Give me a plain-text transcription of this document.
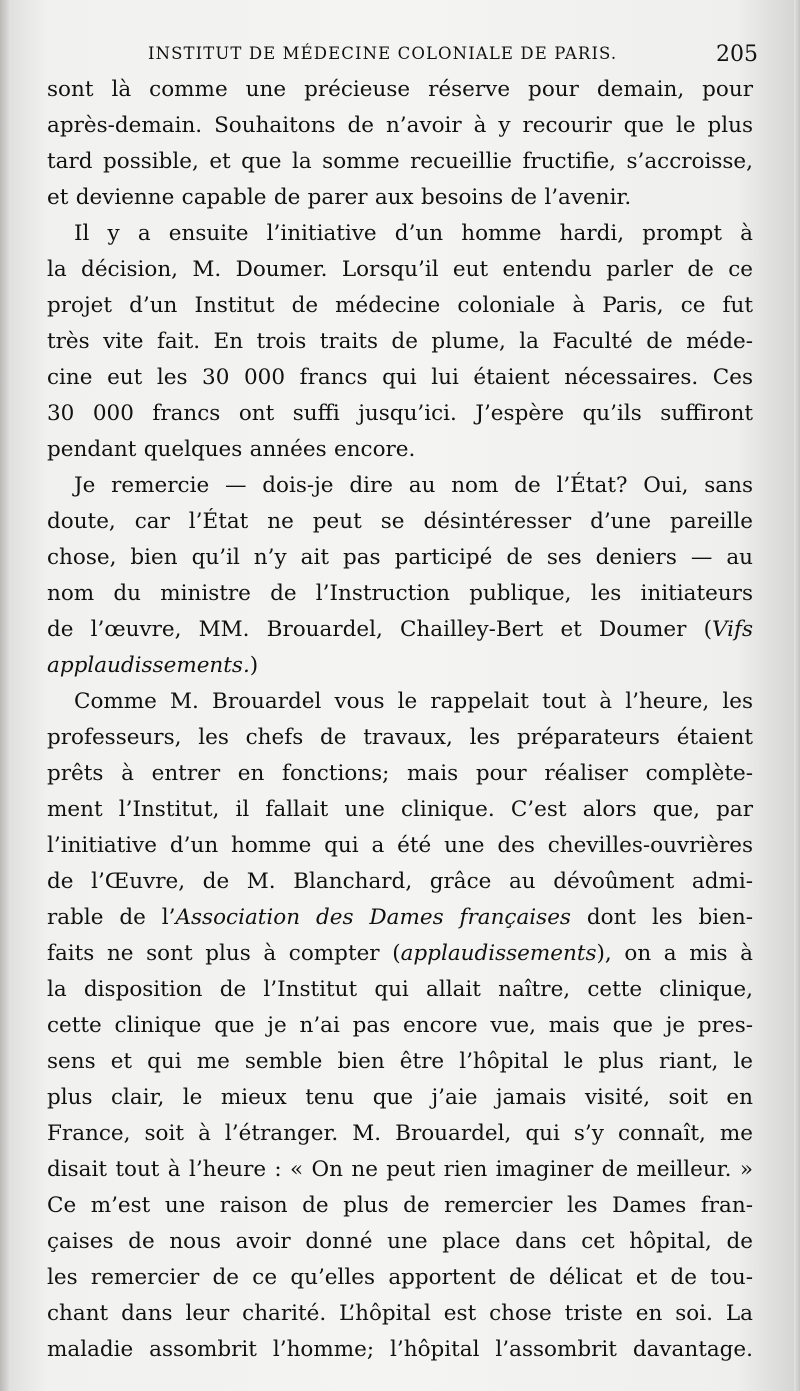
INSTITUT DE MÉDECINE COLONIALE DE PARIS.	205
sont là comme une précieuse réserve pour demain, pour
après-demain. Souhaitons de n’avoir à y recourir que le plus
tard possible, et que la somme recueillie fructifie, s’accroisse,
et devienne capable de parer aux besoins de l’avenir.
Il y a ensuite l’initiative d’un homme hardi, prompt à
la décision, M. Doumer. Lorsqu’il eut entendu parler de ce
projet d’un Institut de médecine coloniale à Paris, ce fut
très vite fait. En trois traits de plume, la Faculté de méde-
cine eut les 30 000 francs qui lui étaient nécessaires. Ces
30 000 francs ont suffi jusqu’ici. J’espère qu’ils suffiront
pendant quelques années encore.
Je remercie — dois-je dire au nom de l’État? Oui, sans
doute, car l’État ne peut se désintéresser d’une pareille
chose, bien qu’il n’y ait pas participé de ses deniers — au
nom du ministre de l’Instruction publique, les initiateurs
de l’œuvre, MM. Brouardel, Chailley-Bert et Doumer (Vifs
applaudissements.)
Comme M. Brouardel vous le rappelait tout à l’heure, les
professeurs, les chefs de travaux, les préparateurs étaient
prêts à entrer en fonctions; mais pour réaliser complète-
ment l’Institut, il fallait une clinique. C’est alors que, par
l’initiative d’un homme qui a été une des chevilles-ouvrières
de l’Œuvre, de M. Blanchard, grâce au dévoûment admi-
rable de l’Association des Dames françaises dont les bien-
faits ne sont plus à compter (applaudissements), on a mis à
la disposition de l’Institut qui allait naître, cette clinique,
cette clinique que je n’ai pas encore vue, mais que je pres-
sens et qui me semble bien être l’hôpital le plus riant, le
plus clair, le mieux tenu que j’aie jamais visité, soit en
France, soit à l’étranger. M. Brouardel, qui s’y connaît, me
disait tout à l’heure : « On ne peut rien imaginer de meilleur. »
Ce m’est une raison de plus de remercier les Dames fran-
çaises de nous avoir donné une place dans cet hôpital, de
les remercier de ce qu’elles apportent de délicat et de tou-
chant dans leur charité. L’hôpital est chose triste en soi. La
maladie assombrit l’homme; l’hôpital l’assombrit davantage.
